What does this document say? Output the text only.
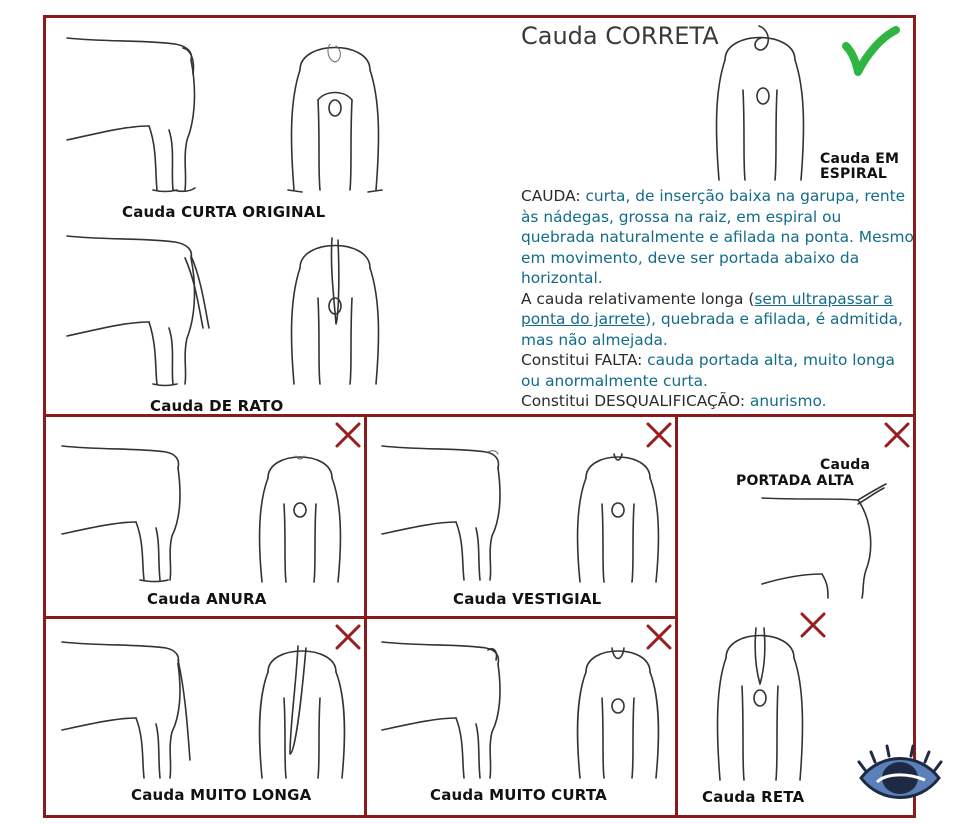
Cauda CORRETA
Cauda CURTA ORIGINAL
Cauda DE RATO
Cauda EM
ESPIRAL

CAUDA: curta, de inserção baixa na garupa, rente às nádegas, grossa na raiz, em espiral ou quebrada naturalmente e afilada na ponta. Mesmo em movimento, deve ser portada abaixo da horizontal.

A cauda relativamente longa (sem ultrapassar a ponta do jarrete), quebrada e afilada, é admitida, mas não almejada.

Constitui FALTA: cauda portada alta, muito longa ou anormalmente curta.

Constitui DESQUALIFICAÇÃO: anurismo.

Cauda ANURA	Cauda VESTIGIAL
Cauda
PORTADA ALTA
Cauda RETA
Cauda MUITO LONGA	Cauda MUITO CURTA
